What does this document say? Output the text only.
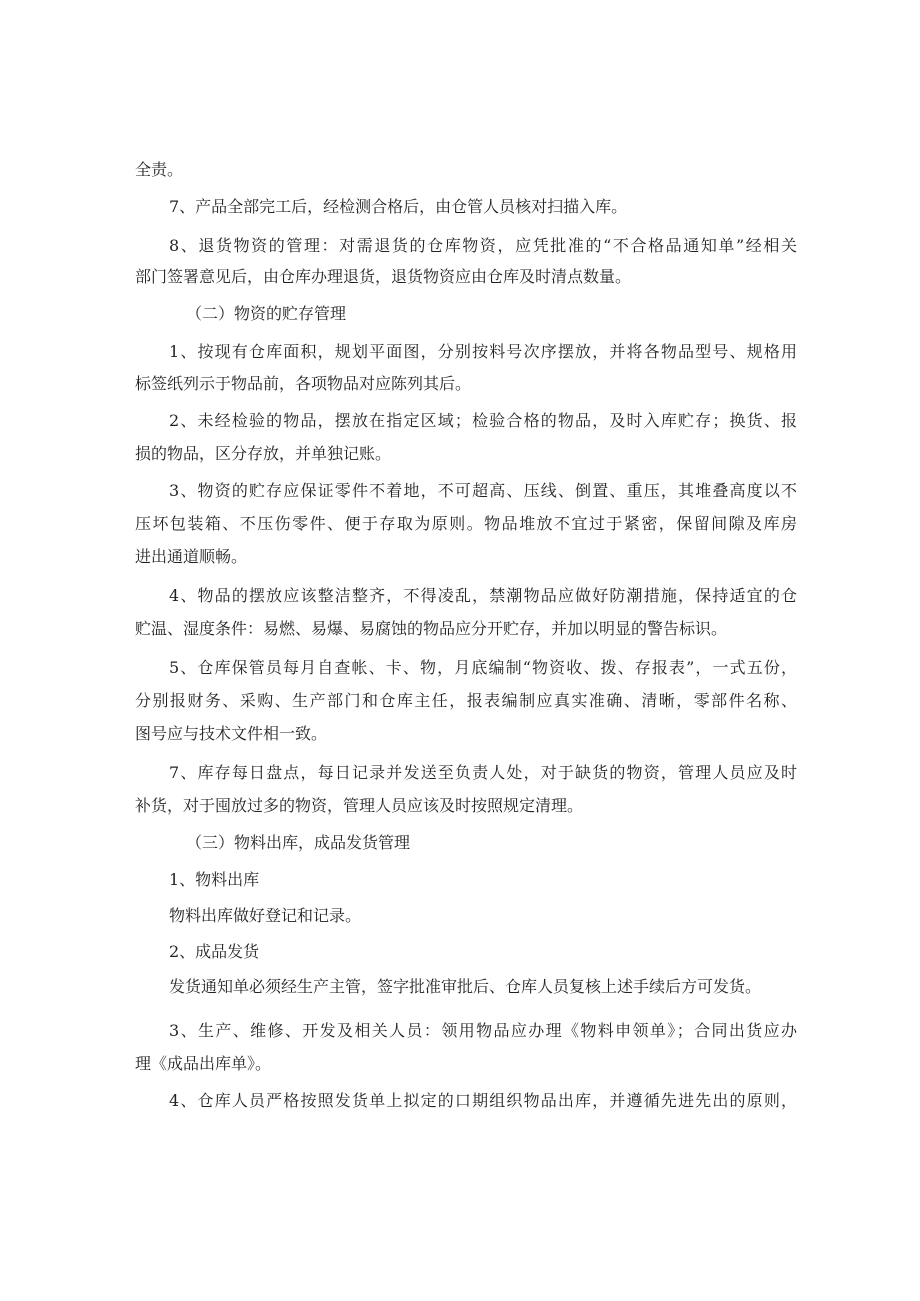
全责。
7、产品全部完工后，经检测合格后，由仓管人员核对扫描入库。
8、退货物资的管理：对需退货的仓库物资，应凭批准的“不合格品通知单”经相关
部门签署意见后，由仓库办理退货，退货物资应由仓库及时清点数量。
（二）物资的贮存管理
1、按现有仓库面积，规划平面图，分别按料号次序摆放，并将各物品型号、规格用
标签纸列示于物品前，各项物品对应陈列其后。
2、未经检验的物品，摆放在指定区域；检验合格的物品，及时入库贮存；换货、报
损的物品，区分存放，并单独记账。
3、物资的贮存应保证零件不着地，不可超高、压线、倒置、重压，其堆叠高度以不
压坏包装箱、不压伤零件、便于存取为原则。物品堆放不宜过于紧密，保留间隙及库房
进出通道顺畅。
4、物品的摆放应该整洁整齐，不得凌乱，禁潮物品应做好防潮措施，保持适宜的仓
贮温、湿度条件：易燃、易爆、易腐蚀的物品应分开贮存，并加以明显的警告标识。
5、仓库保管员每月自查帐、卡、物，月底编制“物资收、拨、存报表”，一式五份，
分别报财务、采购、生产部门和仓库主任，报表编制应真实准确、清晰，零部件名称、
图号应与技术文件相一致。
7、库存每日盘点，每日记录并发送至负责人处，对于缺货的物资，管理人员应及时
补货，对于囤放过多的物资，管理人员应该及时按照规定清理。
（三）物料出库，成品发货管理
1、物料出库
物料出库做好登记和记录。
2、成品发货
发货通知单必须经生产主管，签字批准审批后、仓库人员复核上述手续后方可发货。
3、生产、维修、开发及相关人员：领用物品应办理《物料申领单》；合同出货应办
理《成品出库单》。
4、仓库人员严格按照发货单上拟定的口期组织物品出库，并遵循先进先出的原则，
